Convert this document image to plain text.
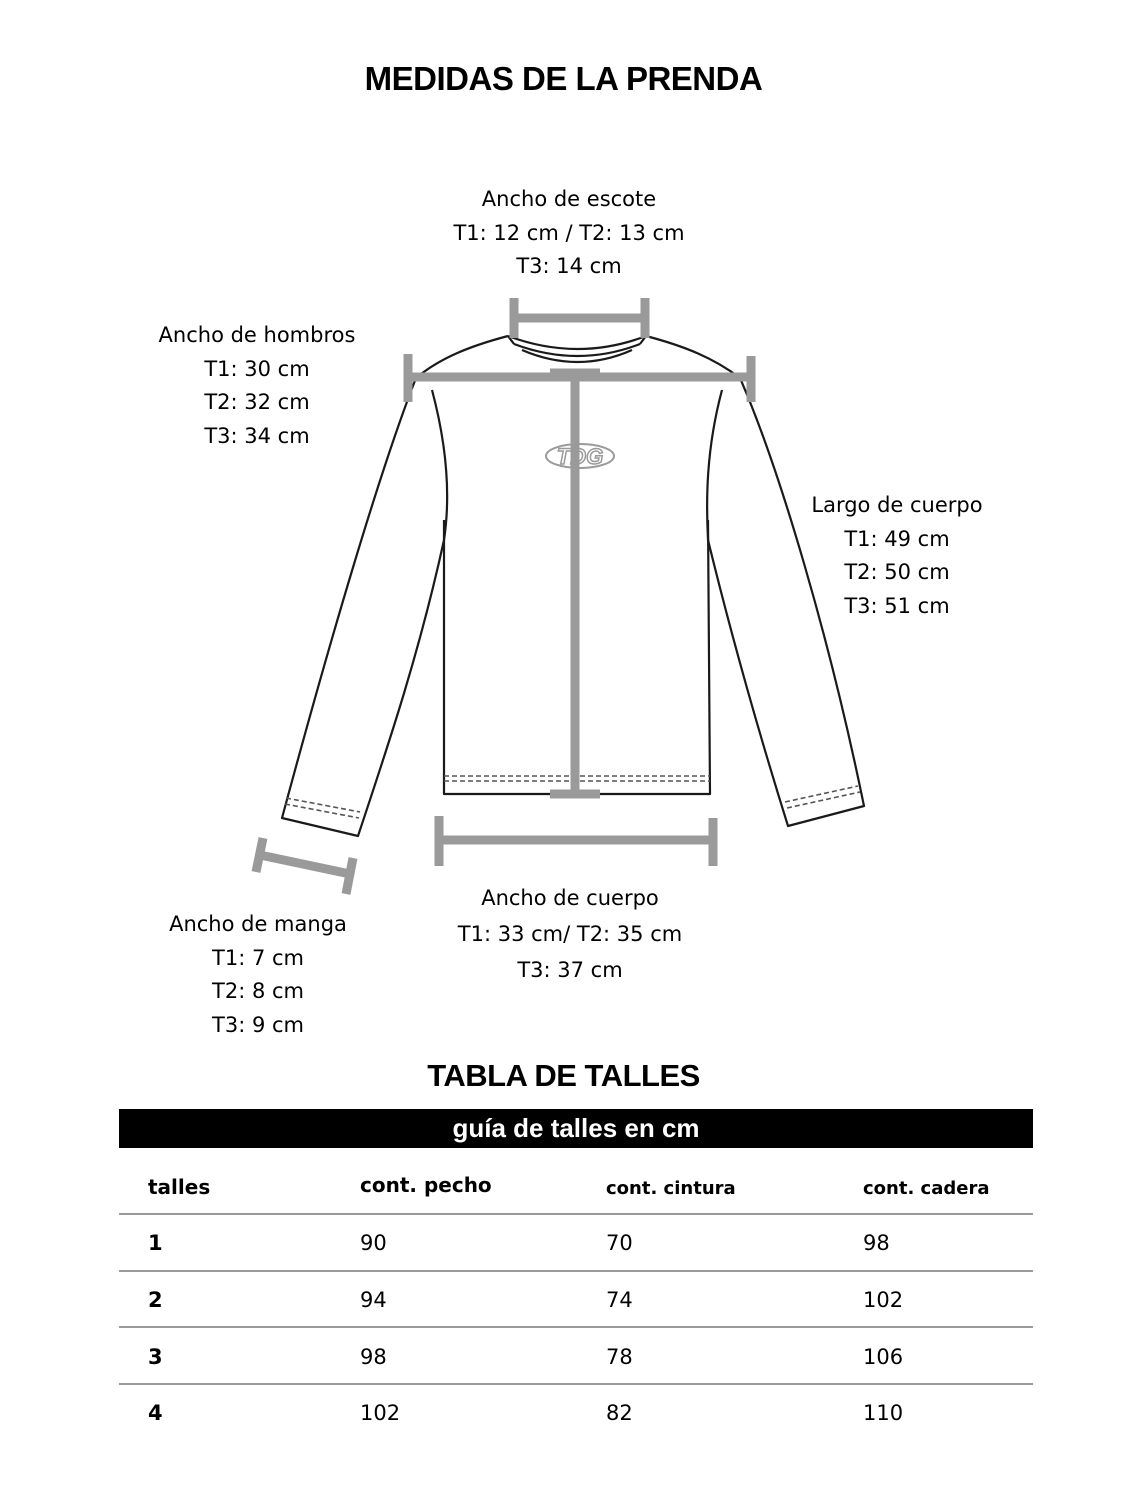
MEDIDAS DE LA PRENDA
TDG
Ancho de escote
T1: 12 cm / T2: 13 cm
T3: 14 cm
Ancho de hombros
T1: 30 cm
T2: 32 cm
T3: 34 cm
Largo de cuerpo
T1: 49 cm
T2: 50 cm
T3: 51 cm
Ancho de manga
T1: 7 cm
T2: 8 cm
T3: 9 cm
Ancho de cuerpo
T1: 33 cm/ T2: 35 cm
T3: 37 cm
TABLA DE TALLES
guía de talles en cm
talles	cont. pecho	cont. cintura	cont. cadera
1	90	70	98
2	94	74	102
3	98	78	106
4	102	82	110
